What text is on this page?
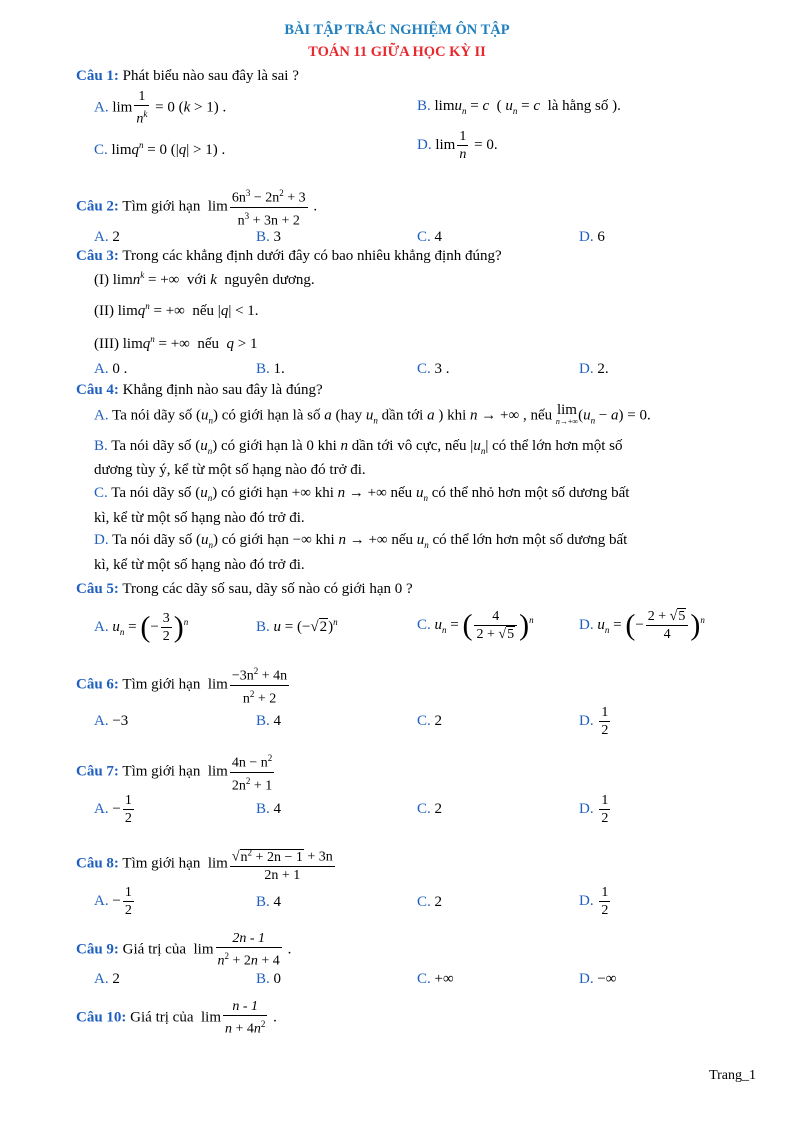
BÀI TẬP TRẮC NGHIỆM ÔN TẬP
TOÁN 11 GIỮA HỌC KỲ II
Câu 1: Phát biểu nào sau đây là sai ?
A. $\lim \frac{1}{n^k} = 0$ (k > 1) .	B. limu$_n$ = c  ( $u_n = c$ là hằng số ).
C. limq$^n$ = 0 (|q| > 1) .	D. $\lim \frac{1}{n} = 0$.
Câu 2: Tìm giới hạn  $\lim \frac{6n^3 - 2n^2 + 3}{n^3 + 3n + 2}$ .
A. 2	B. 3	C. 4	D. 6
Câu 3: Trong các khẳng định dưới đây có bao nhiêu khẳng định đúng?
(I) limn$^k$ = +∞  với k nguyên dương.
(II) limq$^n$ = +∞  nếu |q| < 1.
(III) limq$^n$ = +∞  nếu q > 1
A. 0 .	B. 1.	C. 3 .	D. 2.
Câu 4: Khẳng định nào sau đây là đúng?
A. Ta nói dãy số $(u_n)$ có giới hạn là số a (hay $u_n$ dần tới a ) khi n → +∞ , nếu lim
n→+∞ $(u_n - a) = 0$.
B. Ta nói dãy số $(u_n)$ có giới hạn là 0 khi n dần tới vô cực, nếu $|u_n|$ có thể lớn hơn một số
dương tùy ý, kể từ một số hạng nào đó trở đi.
C. Ta nói dãy số $(u_n)$ có giới hạn +∞ khi n → +∞ nếu $u_n$ có thể nhỏ hơn một số dương bất
kì, kể từ một số hạng nào đó trở đi.
D. Ta nói dãy số $(u_n)$ có giới hạn −∞ khi n → +∞ nếu $u_n$ có thể lớn hơn một số dương bất
kì, kể từ một số hạng nào đó trở đi.
Câu 5: Trong các dãy số sau, dãy số nào có giới hạn 0 ?
A. $u_n$ = (− $\frac{3}{2} )^n$	B. $u = (-√2)^n$	C. $u_n$ = ( $\frac{4}{2 + √5} )^n$	D. $u_n$ = (− $\frac{2 + √5}{4} )^n$
Câu 6: Tìm giới hạn  $\lim \frac{-3n^2 + 4n}{n^2 + 2}$
A. −3	B. 4	C. 2	D. $\frac{1}{2}$
Câu 7: Tìm giới hạn  $\lim \frac{4n - n^2}{2n^2 + 1}$
A. − $\frac{1}{2}$	B. 4	C. 2	D. $\frac{1}{2}$
Câu 8: Tìm giới hạn  $\lim \frac{√n^2 + 2n - 1 + 3n}{2n + 1}$
A. − $\frac{1}{2}$	B. 4	C. 2	D. $\frac{1}{2}$
Câu 9: Giá trị của  $\lim \frac{2n - 1}{n^2 + 2n + 4}$ .
A. 2	B. 0	C. +∞	D. −∞
Câu 10: Giá trị của  $\lim \frac{n - 1}{n + 4n^2}$ .
Trang_1
